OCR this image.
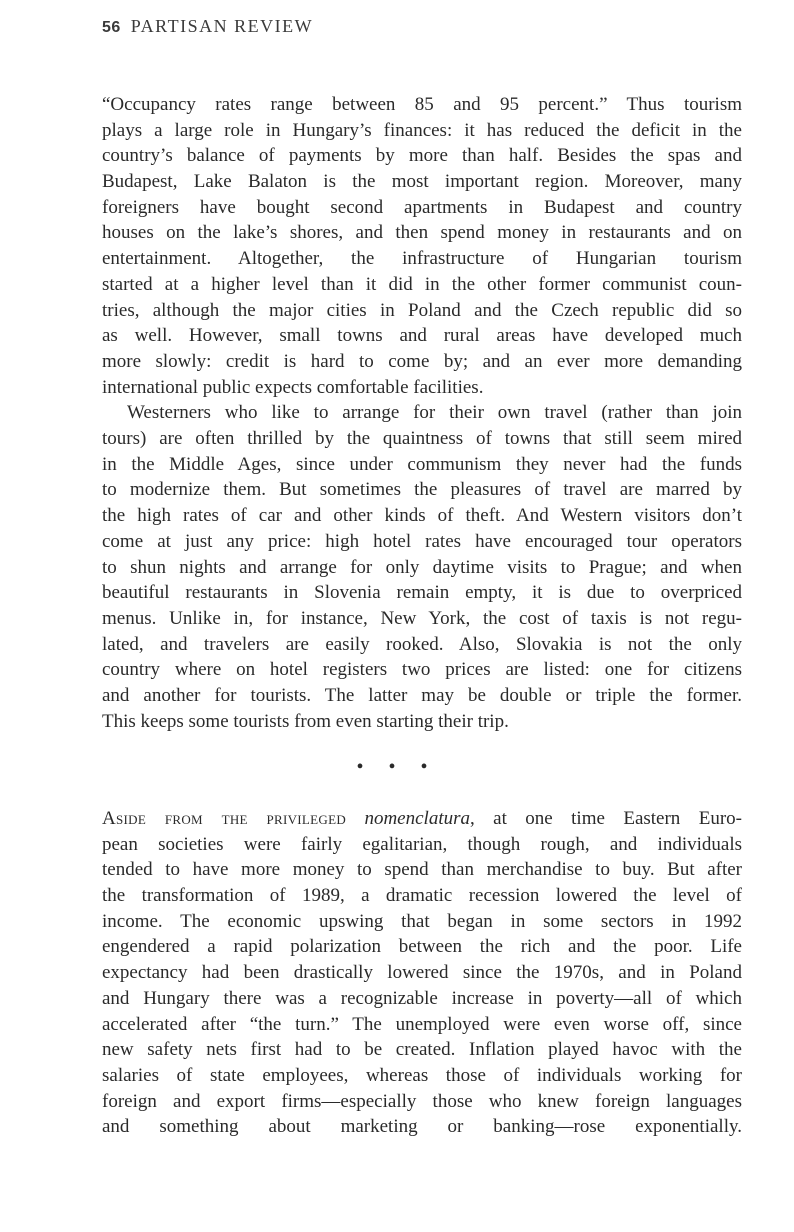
56 PARTISAN REVIEW
“Occupancy rates range between 85 and 95 percent.” Thus tourism
plays a large role in Hungary’s finances: it has reduced the deficit in the
country’s balance of payments by more than half. Besides the spas and
Budapest, Lake Balaton is the most important region. Moreover, many
foreigners have bought second apartments in Budapest and country
houses on the lake’s shores, and then spend money in restaurants and on
entertainment. Altogether, the infrastructure of Hungarian tourism
started at a higher level than it did in the other former communist coun-
tries, although the major cities in Poland and the Czech republic did so
as well. However, small towns and rural areas have developed much
more slowly: credit is hard to come by; and an ever more demanding
international public expects comfortable facilities.
Westerners who like to arrange for their own travel (rather than join
tours) are often thrilled by the quaintness of towns that still seem mired
in the Middle Ages, since under communism they never had the funds
to modernize them. But sometimes the pleasures of travel are marred by
the high rates of car and other kinds of theft. And Western visitors don’t
come at just any price: high hotel rates have encouraged tour operators
to shun nights and arrange for only daytime visits to Prague; and when
beautiful restaurants in Slovenia remain empty, it is due to overpriced
menus. Unlike in, for instance, New York, the cost of taxis is not regu-
lated, and travelers are easily rooked. Also, Slovakia is not the only
country where on hotel registers two prices are listed: one for citizens
and another for tourists. The latter may be double or triple the former.
This keeps some tourists from even starting their trip.
• • •
Aside from the privileged nomenclatura, at one time Eastern Euro-
pean societies were fairly egalitarian, though rough, and individuals
tended to have more money to spend than merchandise to buy. But after
the transformation of 1989, a dramatic recession lowered the level of
income. The economic upswing that began in some sectors in 1992
engendered a rapid polarization between the rich and the poor. Life
expectancy had been drastically lowered since the 1970s, and in Poland
and Hungary there was a recognizable increase in poverty—all of which
accelerated after “the turn.” The unemployed were even worse off, since
new safety nets first had to be created. Inflation played havoc with the
salaries of state employees, whereas those of individuals working for
foreign and export firms—especially those who knew foreign languages
and something about marketing or banking—rose exponentially.
